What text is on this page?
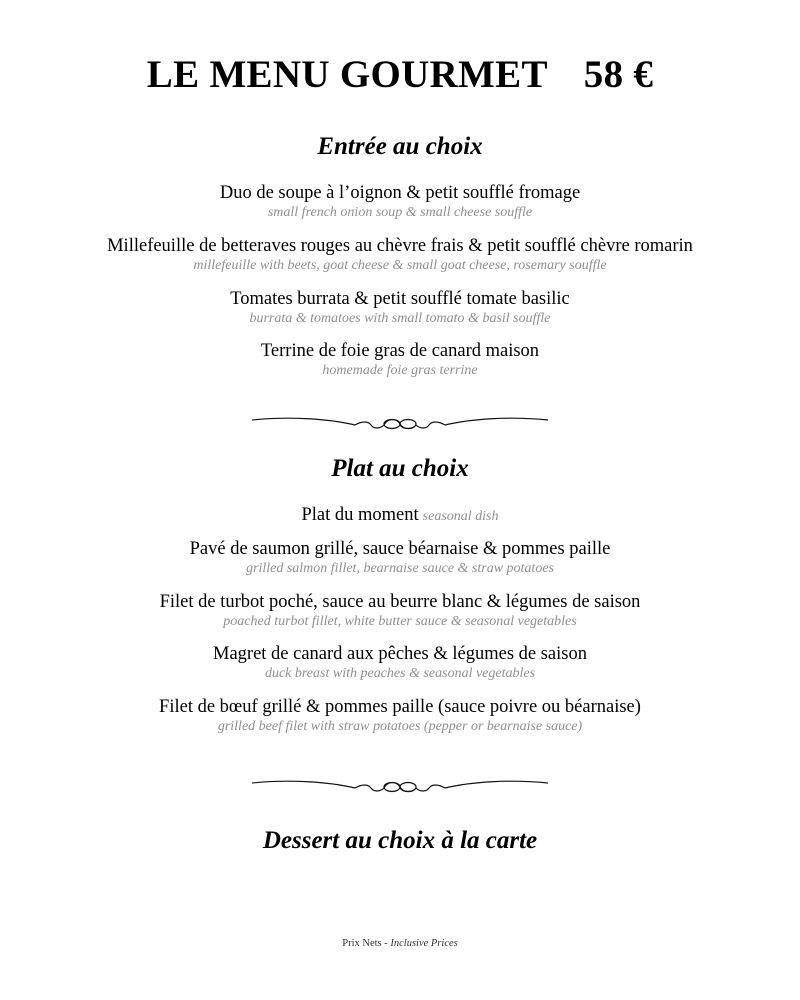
LE MENU GOURMET 58 €
Entrée au choix
Duo de soupe à l’oignon & petit soufflé fromage
small french onion soup & small cheese souffle
Millefeuille de betteraves rouges au chèvre frais & petit soufflé chèvre romarin
millefeuille with beets, goat cheese & small goat cheese, rosemary souffle
Tomates burrata & petit soufflé tomate basilic
burrata & tomatoes with small tomato & basil souffle
Terrine de foie gras de canard maison
homemade foie gras terrine
Plat au choix
Plat du moment seasonal dish
Pavé de saumon grillé, sauce béarnaise & pommes paille
grilled salmon fillet, bearnaise sauce & straw potatoes
Filet de turbot poché, sauce au beurre blanc & légumes de saison
poached turbot fillet, white butter sauce & seasonal vegetables
Magret de canard aux pêches & légumes de saison
duck breast with peaches & seasonal vegetables
Filet de bœuf grillé & pommes paille (sauce poivre ou béarnaise)
grilled beef filet with straw potatoes (pepper or bearnaise sauce)
Dessert au choix à la carte
Prix Nets - Inclusive Prices
